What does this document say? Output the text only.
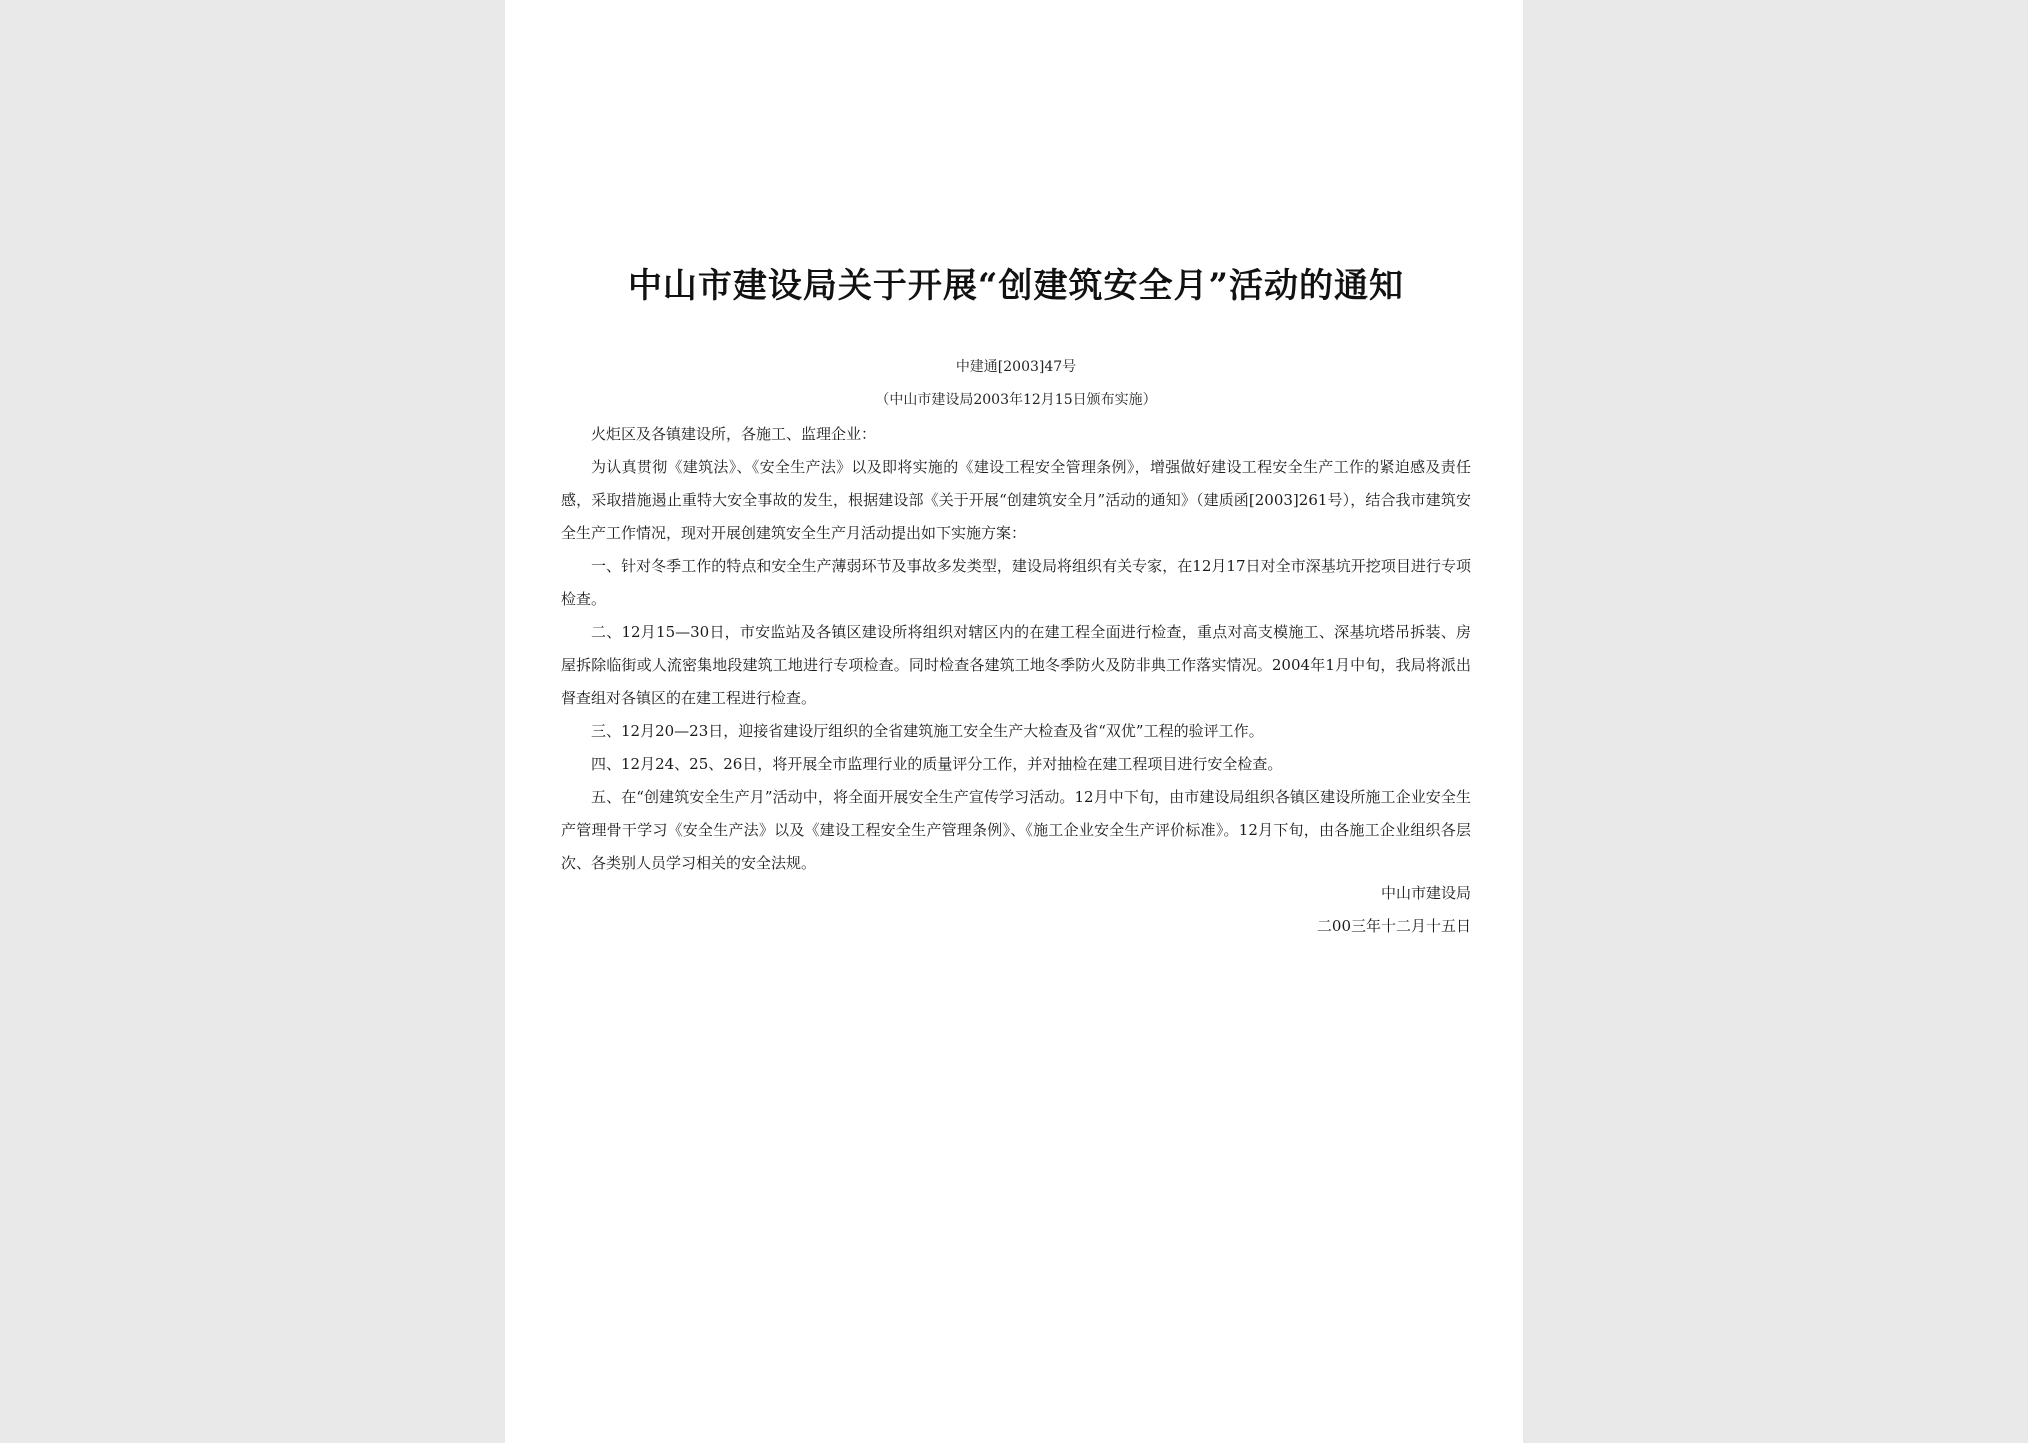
中山市建设局关于开展“创建筑安全月”活动的通知
中建通[2003]47号
（中山市建设局2003年12月15日颁布实施）

火炬区及各镇建设所，各施工、监理企业：

为认真贯彻《建筑法》、《安全生产法》以及即将实施的《建设工程安全管理条例》，增强做好建设工程安全生产工作的紧迫感及责任感，采取措施遏止重特大安全事故的发生，根据建设部《关于开展“创建筑安全月”活动的通知》（建质函[2003]261号），结合我市建筑安全生产工作情况，现对开展创建筑安全生产月活动提出如下实施方案：

一、针对冬季工作的特点和安全生产薄弱环节及事故多发类型，建设局将组织有关专家，在12月17日对全市深基坑开挖项目进行专项检查。

二、12月15—30日，市安监站及各镇区建设所将组织对辖区内的在建工程全面进行检查，重点对高支模施工、深基坑塔吊拆装、房屋拆除临街或人流密集地段建筑工地进行专项检查。同时检查各建筑工地冬季防火及防非典工作落实情况。2004年1月中旬，我局将派出督查组对各镇区的在建工程进行检查。

三、12月20—23日，迎接省建设厅组织的全省建筑施工安全生产大检查及省“双优”工程的验评工作。

四、12月24、25、26日，将开展全市监理行业的质量评分工作，并对抽检在建工程项目进行安全检查。

五、在“创建筑安全生产月”活动中，将全面开展安全生产宣传学习活动。12月中下旬，由市建设局组织各镇区建设所施工企业安全生产管理骨干学习《安全生产法》以及《建设工程安全生产管理条例》、《施工企业安全生产评价标准》。12月下旬，由各施工企业组织各层次、各类别人员学习相关的安全法规。

中山市建设局
二00三年十二月十五日
